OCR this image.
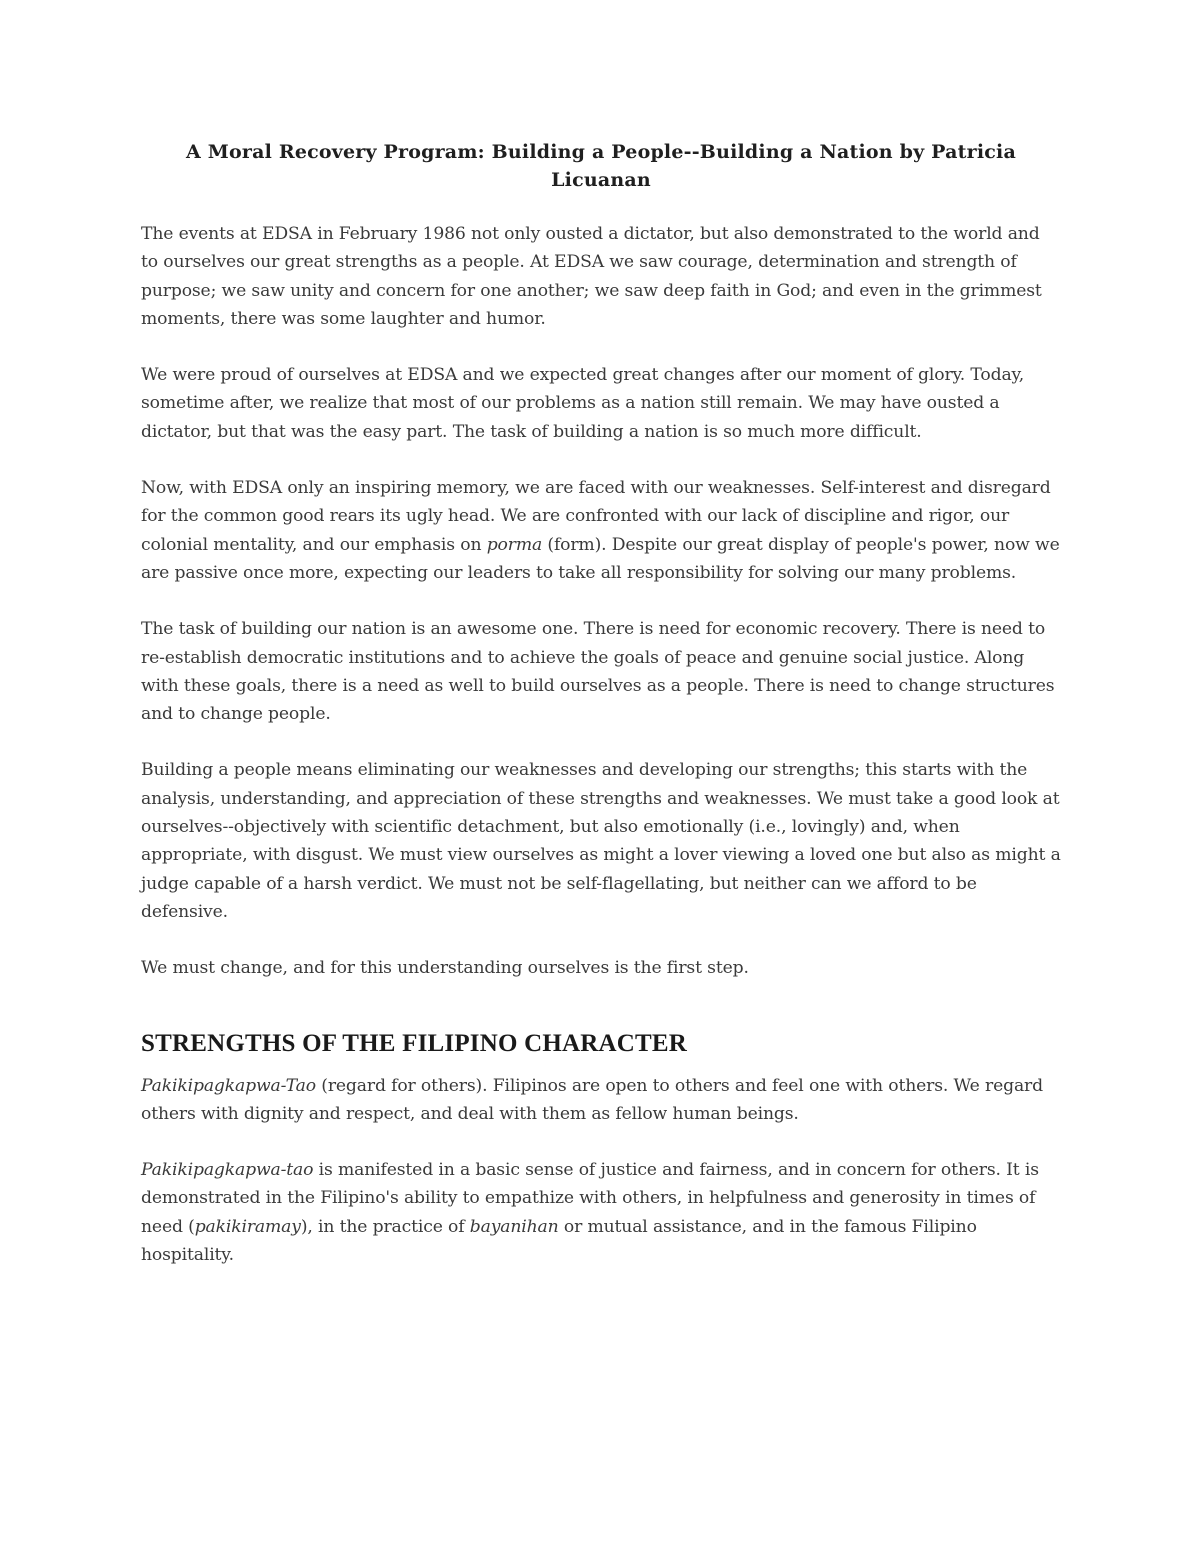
A Moral Recovery Program: Building a People--Building a Nation by Patricia Licuanan

The events at EDSA in February 1986 not only ousted a dictator, but also demonstrated to the world and to ourselves our great strengths as a people. At EDSA we saw courage, determination and strength of purpose; we saw unity and concern for one another; we saw deep faith in God; and even in the grimmest moments, there was some laughter and humor.

We were proud of ourselves at EDSA and we expected great changes after our moment of glory. Today, sometime after, we realize that most of our problems as a nation still remain. We may have ousted a dictator, but that was the easy part. The task of building a nation is so much more difficult.

Now, with EDSA only an inspiring memory, we are faced with our weaknesses. Self-interest and disregard for the common good rears its ugly head. We are confronted with our lack of discipline and rigor, our colonial mentality, and our emphasis on porma (form). Despite our great display of people's power, now we are passive once more, expecting our leaders to take all responsibility for solving our many problems.

The task of building our nation is an awesome one. There is need for economic recovery. There is need to re-establish democratic institutions and to achieve the goals of peace and genuine social justice. Along with these goals, there is a need as well to build ourselves as a people. There is need to change structures and to change people.

Building a people means eliminating our weaknesses and developing our strengths; this starts with the analysis, understanding, and appreciation of these strengths and weaknesses. We must take a good look at ourselves--objectively with scientific detachment, but also emotionally (i.e., lovingly) and, when appropriate, with disgust. We must view ourselves as might a lover viewing a loved one but also as might a judge capable of a harsh verdict. We must not be self-flagellating, but neither can we afford to be defensive.

We must change, and for this understanding ourselves is the first step.

STRENGTHS OF THE FILIPINO CHARACTER

Pakikipagkapwa-Tao (regard for others). Filipinos are open to others and feel one with others. We regard others with dignity and respect, and deal with them as fellow human beings.

Pakikipagkapwa-tao is manifested in a basic sense of justice and fairness, and in concern for others. It is demonstrated in the Filipino's ability to empathize with others, in helpfulness and generosity in times of need (pakikiramay), in the practice of bayanihan or mutual assistance, and in the famous Filipino hospitality.
